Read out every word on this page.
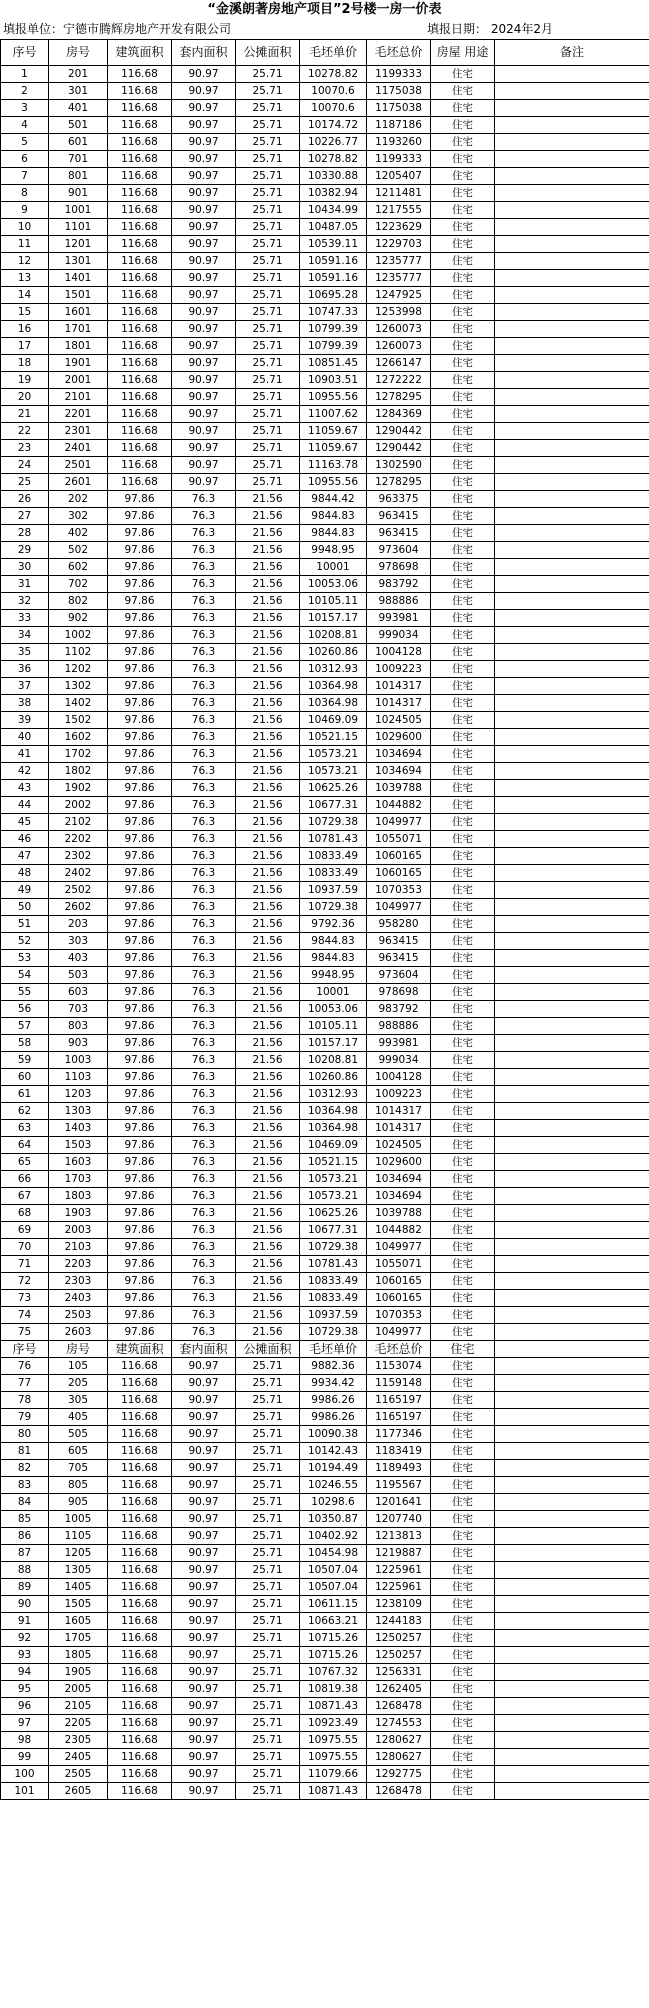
“金溪朗著房地产项目”2号楼一房一价表
填报单位：宁德市腾辉房地产开发有限公司	填报日期： 2024年2月
序号	房号	建筑面积	套内面积	公摊面积	毛坯单价	毛坯总价	房屋 用途	备注
1	201	116.68	90.97	25.71	10278.82	1199333	住宅	
2	301	116.68	90.97	25.71	10070.6	1175038	住宅	
3	401	116.68	90.97	25.71	10070.6	1175038	住宅	
4	501	116.68	90.97	25.71	10174.72	1187186	住宅	
5	601	116.68	90.97	25.71	10226.77	1193260	住宅	
6	701	116.68	90.97	25.71	10278.82	1199333	住宅	
7	801	116.68	90.97	25.71	10330.88	1205407	住宅	
8	901	116.68	90.97	25.71	10382.94	1211481	住宅	
9	1001	116.68	90.97	25.71	10434.99	1217555	住宅	
10	1101	116.68	90.97	25.71	10487.05	1223629	住宅	
11	1201	116.68	90.97	25.71	10539.11	1229703	住宅	
12	1301	116.68	90.97	25.71	10591.16	1235777	住宅	
13	1401	116.68	90.97	25.71	10591.16	1235777	住宅	
14	1501	116.68	90.97	25.71	10695.28	1247925	住宅	
15	1601	116.68	90.97	25.71	10747.33	1253998	住宅	
16	1701	116.68	90.97	25.71	10799.39	1260073	住宅	
17	1801	116.68	90.97	25.71	10799.39	1260073	住宅	
18	1901	116.68	90.97	25.71	10851.45	1266147	住宅	
19	2001	116.68	90.97	25.71	10903.51	1272222	住宅	
20	2101	116.68	90.97	25.71	10955.56	1278295	住宅	
21	2201	116.68	90.97	25.71	11007.62	1284369	住宅	
22	2301	116.68	90.97	25.71	11059.67	1290442	住宅	
23	2401	116.68	90.97	25.71	11059.67	1290442	住宅	
24	2501	116.68	90.97	25.71	11163.78	1302590	住宅	
25	2601	116.68	90.97	25.71	10955.56	1278295	住宅	
26	202	97.86	76.3	21.56	9844.42	963375	住宅	
27	302	97.86	76.3	21.56	9844.83	963415	住宅	
28	402	97.86	76.3	21.56	9844.83	963415	住宅	
29	502	97.86	76.3	21.56	9948.95	973604	住宅	
30	602	97.86	76.3	21.56	10001	978698	住宅	
31	702	97.86	76.3	21.56	10053.06	983792	住宅	
32	802	97.86	76.3	21.56	10105.11	988886	住宅	
33	902	97.86	76.3	21.56	10157.17	993981	住宅	
34	1002	97.86	76.3	21.56	10208.81	999034	住宅	
35	1102	97.86	76.3	21.56	10260.86	1004128	住宅	
36	1202	97.86	76.3	21.56	10312.93	1009223	住宅	
37	1302	97.86	76.3	21.56	10364.98	1014317	住宅	
38	1402	97.86	76.3	21.56	10364.98	1014317	住宅	
39	1502	97.86	76.3	21.56	10469.09	1024505	住宅	
40	1602	97.86	76.3	21.56	10521.15	1029600	住宅	
41	1702	97.86	76.3	21.56	10573.21	1034694	住宅	
42	1802	97.86	76.3	21.56	10573.21	1034694	住宅	
43	1902	97.86	76.3	21.56	10625.26	1039788	住宅	
44	2002	97.86	76.3	21.56	10677.31	1044882	住宅	
45	2102	97.86	76.3	21.56	10729.38	1049977	住宅	
46	2202	97.86	76.3	21.56	10781.43	1055071	住宅	
47	2302	97.86	76.3	21.56	10833.49	1060165	住宅	
48	2402	97.86	76.3	21.56	10833.49	1060165	住宅	
49	2502	97.86	76.3	21.56	10937.59	1070353	住宅	
50	2602	97.86	76.3	21.56	10729.38	1049977	住宅	
51	203	97.86	76.3	21.56	9792.36	958280	住宅	
52	303	97.86	76.3	21.56	9844.83	963415	住宅	
53	403	97.86	76.3	21.56	9844.83	963415	住宅	
54	503	97.86	76.3	21.56	9948.95	973604	住宅	
55	603	97.86	76.3	21.56	10001	978698	住宅	
56	703	97.86	76.3	21.56	10053.06	983792	住宅	
57	803	97.86	76.3	21.56	10105.11	988886	住宅	
58	903	97.86	76.3	21.56	10157.17	993981	住宅	
59	1003	97.86	76.3	21.56	10208.81	999034	住宅	
60	1103	97.86	76.3	21.56	10260.86	1004128	住宅	
61	1203	97.86	76.3	21.56	10312.93	1009223	住宅	
62	1303	97.86	76.3	21.56	10364.98	1014317	住宅	
63	1403	97.86	76.3	21.56	10364.98	1014317	住宅	
64	1503	97.86	76.3	21.56	10469.09	1024505	住宅	
65	1603	97.86	76.3	21.56	10521.15	1029600	住宅	
66	1703	97.86	76.3	21.56	10573.21	1034694	住宅	
67	1803	97.86	76.3	21.56	10573.21	1034694	住宅	
68	1903	97.86	76.3	21.56	10625.26	1039788	住宅	
69	2003	97.86	76.3	21.56	10677.31	1044882	住宅	
70	2103	97.86	76.3	21.56	10729.38	1049977	住宅	
71	2203	97.86	76.3	21.56	10781.43	1055071	住宅	
72	2303	97.86	76.3	21.56	10833.49	1060165	住宅	
73	2403	97.86	76.3	21.56	10833.49	1060165	住宅	
74	2503	97.86	76.3	21.56	10937.59	1070353	住宅	
75	2603	97.86	76.3	21.56	10729.38	1049977	住宅	
序号	房号	建筑面积	套内面积	公摊面积	毛坯单价	毛坯总价	住宅	
76	105	116.68	90.97	25.71	9882.36	1153074	住宅	
77	205	116.68	90.97	25.71	9934.42	1159148	住宅	
78	305	116.68	90.97	25.71	9986.26	1165197	住宅	
79	405	116.68	90.97	25.71	9986.26	1165197	住宅	
80	505	116.68	90.97	25.71	10090.38	1177346	住宅	
81	605	116.68	90.97	25.71	10142.43	1183419	住宅	
82	705	116.68	90.97	25.71	10194.49	1189493	住宅	
83	805	116.68	90.97	25.71	10246.55	1195567	住宅	
84	905	116.68	90.97	25.71	10298.6	1201641	住宅	
85	1005	116.68	90.97	25.71	10350.87	1207740	住宅	
86	1105	116.68	90.97	25.71	10402.92	1213813	住宅	
87	1205	116.68	90.97	25.71	10454.98	1219887	住宅	
88	1305	116.68	90.97	25.71	10507.04	1225961	住宅	
89	1405	116.68	90.97	25.71	10507.04	1225961	住宅	
90	1505	116.68	90.97	25.71	10611.15	1238109	住宅	
91	1605	116.68	90.97	25.71	10663.21	1244183	住宅	
92	1705	116.68	90.97	25.71	10715.26	1250257	住宅	
93	1805	116.68	90.97	25.71	10715.26	1250257	住宅	
94	1905	116.68	90.97	25.71	10767.32	1256331	住宅	
95	2005	116.68	90.97	25.71	10819.38	1262405	住宅	
96	2105	116.68	90.97	25.71	10871.43	1268478	住宅	
97	2205	116.68	90.97	25.71	10923.49	1274553	住宅	
98	2305	116.68	90.97	25.71	10975.55	1280627	住宅	
99	2405	116.68	90.97	25.71	10975.55	1280627	住宅	
100	2505	116.68	90.97	25.71	11079.66	1292775	住宅	
101	2605	116.68	90.97	25.71	10871.43	1268478	住宅	
